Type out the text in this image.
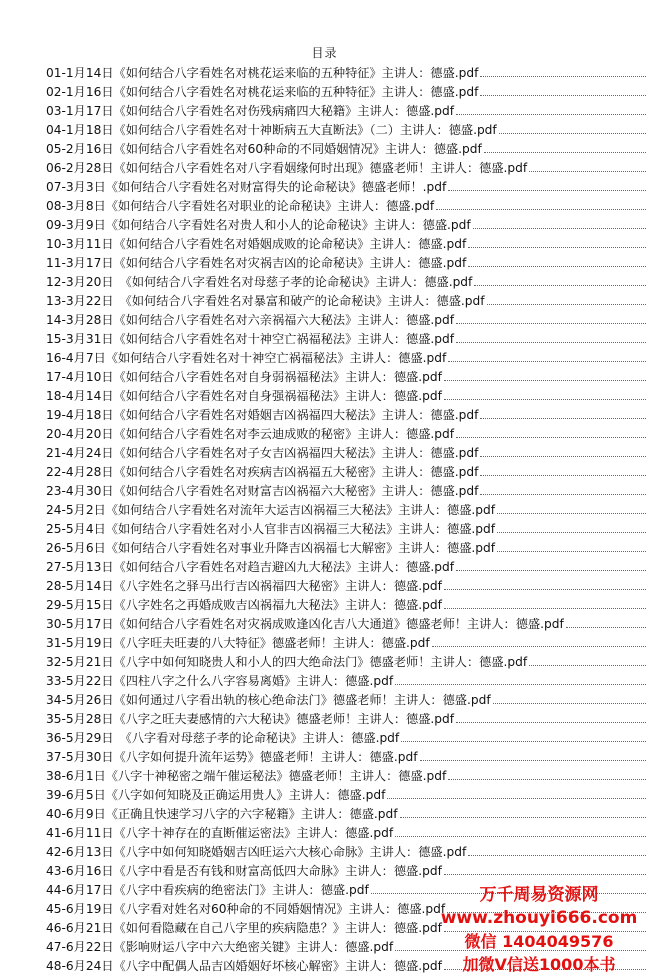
目录
01-1月14日《如何结合八字看姓名对桃花运来临的五种特征》主讲人：德盛.pdf
02-1月16日《如何结合八字看姓名对桃花运来临的五种特征》主讲人：德盛.pdf
03-1月17日《如何结合八字看姓名对伤残病痛四大秘籍》主讲人：德盛.pdf
04-1月18日《如何结合八字看姓名对十神断病五大直断法》（二）主讲人：德盛.pdf
05-2月16日《如何结合八字看姓名对60种命的不同婚姻情况》主讲人：德盛.pdf
06-2月28日《如何结合八字看姓名对八字看姻缘何时出现》德盛老师！主讲人：德盛.pdf
07-3月3日《如何结合八字看姓名对财富得失的论命秘诀》德盛老师！.pdf
08-3月8日《如何结合八字看姓名对职业的论命秘诀》主讲人：德盛.pdf
09-3月9日《如何结合八字看姓名对贵人和小人的论命秘诀》主讲人：德盛.pdf
10-3月11日《如何结合八字看姓名对婚姻成败的论命秘诀》主讲人：德盛.pdf
11-3月17日《如何结合八字看姓名对灾祸吉凶的论命秘诀》主讲人：德盛.pdf
12-3月20日　《如何结合八字看姓名对母慈子孝的论命秘诀》主讲人：德盛.pdf
13-3月22日　《如何结合八字看姓名对暴富和破产的论命秘诀》主讲人：德盛.pdf
14-3月28日《如何结合八字看姓名对六亲祸福六大秘法》主讲人：德盛.pdf
15-3月31日《如何结合八字看姓名对十神空亡祸福秘法》主讲人：德盛.pdf
16-4月7日《如何结合八字看姓名对十神空亡祸福秘法》主讲人：德盛.pdf
17-4月10日《如何结合八字看姓名对自身弱祸福秘法》主讲人：德盛.pdf
18-4月14日《如何结合八字看姓名对自身强祸福秘法》主讲人：德盛.pdf
19-4月18日《如何结合八字看姓名对婚姻吉凶祸福四大秘法》主讲人：德盛.pdf
20-4月20日《如何结合八字看姓名对李云迪成败的秘密》主讲人：德盛.pdf
21-4月24日《如何结合八字看姓名对子女吉凶祸福四大秘法》主讲人：德盛.pdf
22-4月28日《如何结合八字看姓名对疾病吉凶祸福五大秘密》主讲人：德盛.pdf
23-4月30日《如何结合八字看姓名对财富吉凶祸福六大秘密》主讲人：德盛.pdf
24-5月2日《如何结合八字看姓名对流年大运吉凶祸福三大秘法》主讲人：德盛.pdf
25-5月4日《如何结合八字看姓名对小人官非吉凶祸福三大秘法》主讲人：德盛.pdf
26-5月6日《如何结合八字看姓名对事业升降吉凶祸福七大解密》主讲人：德盛.pdf
27-5月13日《如何结合八字看姓名对趋吉避凶九大秘法》主讲人：德盛.pdf
28-5月14日《八字姓名之驿马出行吉凶祸福四大秘密》主讲人：德盛.pdf
29-5月15日《八字姓名之再婚成败吉凶祸福九大秘法》主讲人：德盛.pdf
30-5月17日《如何结合八字看姓名对灾祸成败逢凶化吉八大通道》德盛老师！主讲人：德盛.pdf
31-5月19日《八字旺夫旺妻的八大特征》德盛老师！主讲人：德盛.pdf
32-5月21日《八字中如何知晓贵人和小人的四大绝命法门》德盛老师！主讲人：德盛.pdf
33-5月22日《四柱八字之什么八字容易离婚》主讲人：德盛.pdf
34-5月26日《如何通过八字看出轨的核心绝命法门》德盛老师！主讲人：德盛.pdf
35-5月28日《八字之旺夫妻感情的六大秘诀》德盛老师！主讲人：德盛.pdf
36-5月29日　《八字看对母慈子孝的论命秘诀》主讲人：德盛.pdf
37-5月30日《八字如何提升流年运势》德盛老师！主讲人：德盛.pdf
38-6月1日《八字十神秘密之端午催运秘法》德盛老师！主讲人：德盛.pdf
39-6月5日《八字如何知晓及正确运用贵人》主讲人：德盛.pdf
40-6月9日《正确且快速学习八字的六字秘籍》主讲人：德盛.pdf
41-6月11日《八字十神存在的直断催运密法》主讲人：德盛.pdf
42-6月13日《八字中如何知晓婚姻吉凶旺运六大核心命脉》主讲人：德盛.pdf
43-6月16日《八字中看是否有钱和财富高低四大命脉》主讲人：德盛.pdf
44-6月17日《八字中看疾病的绝密法门》主讲人：德盛.pdf
45-6月19日《八字看对姓名对60种命的不同婚姻情况》主讲人：德盛.pdf
46-6月21日《如何看隐藏在自己八字里的疾病隐患？》主讲人：德盛.pdf
47-6月22日《影响财运八字中六大绝密关键》主讲人：德盛.pdf
48-6月24日《八字中配偶人品吉凶婚姻好坏核心解密》主讲人：德盛.pdf
万千周易资源网
www.zhouyi666.com
微信 1404049576
加微V信送1000本书
